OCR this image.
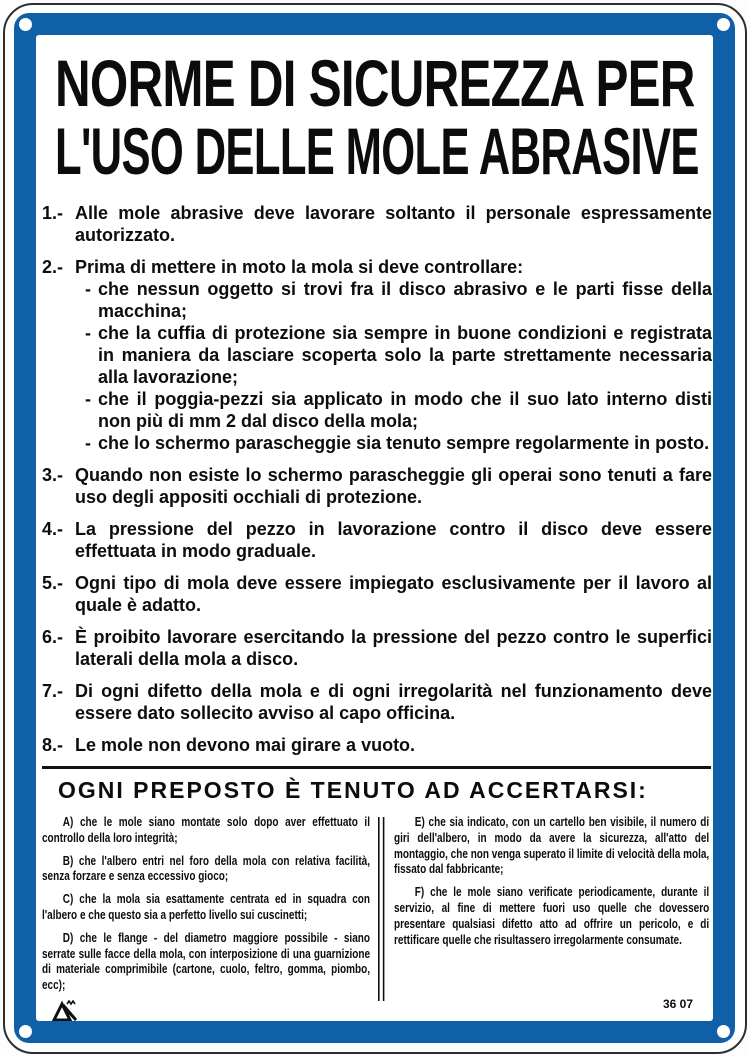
NORME DI SICUREZZA PER
L'USO DELLE MOLE ABRASIVE
1.- Alle mole abrasive deve lavorare soltanto il personale espressamente autorizzato.
2.- Prima di mettere in moto la mola si deve controllare:
- che nessun oggetto si trovi fra il disco abrasivo e le parti fisse della macchina;
- che la cuffia di protezione sia sempre in buone condizioni e registrata in maniera da lasciare scoperta solo la parte strettamente necessaria alla lavorazione;
- che il poggia-pezzi sia applicato in modo che il suo lato interno disti non più di mm 2 dal disco della mola;
- che lo schermo parascheggie sia tenuto sempre regolarmente in posto.
3.- Quando non esiste lo schermo parascheggie gli operai sono tenuti a fare uso degli appositi occhiali di protezione.
4.- La pressione del pezzo in lavorazione contro il disco deve essere effettuata in modo graduale.
5.- Ogni tipo di mola deve essere impiegato esclusivamente per il lavoro al quale è adatto.
6.- È proibito lavorare esercitando la pressione del pezzo contro le superfici laterali della mola a disco.
7.- Di ogni difetto della mola e di ogni irregolarità nel funzionamento deve essere dato sollecito avviso al capo officina.
8.- Le mole non devono mai girare a vuoto.
OGNI PREPOSTO È TENUTO AD ACCERTARSI:

A) che le mole siano montate solo dopo aver effettuato il controllo della loro integrità;

B) che l'albero entri nel foro della mola con relativa facilità, senza forzare e senza eccessivo gioco;

C) che la mola sia esattamente centrata ed in squadra con l'albero e che questo sia a perfetto livello sui cuscinetti;

D) che le flange - del diametro maggiore possibile - siano serrate sulle facce della mola, con interposizione di una guarnizione di materiale comprimibile (cartone, cuolo, feltro, gomma, piombo, ecc);

E) che sia indicato, con un cartello ben visibile, il numero di giri dell'albero, in modo da avere la sicurezza, all'atto del montaggio, che non venga superato il limite di velocità della mola, fissato dal fabbricante;

F) che le mole siano verificate periodicamente, durante il servizio, al fine di mettere fuori uso quelle che dovessero presentare qualsiasi difetto atto ad offrire un pericolo, e di rettificare quelle che risultassero irregolarmente consumate.

36 07
